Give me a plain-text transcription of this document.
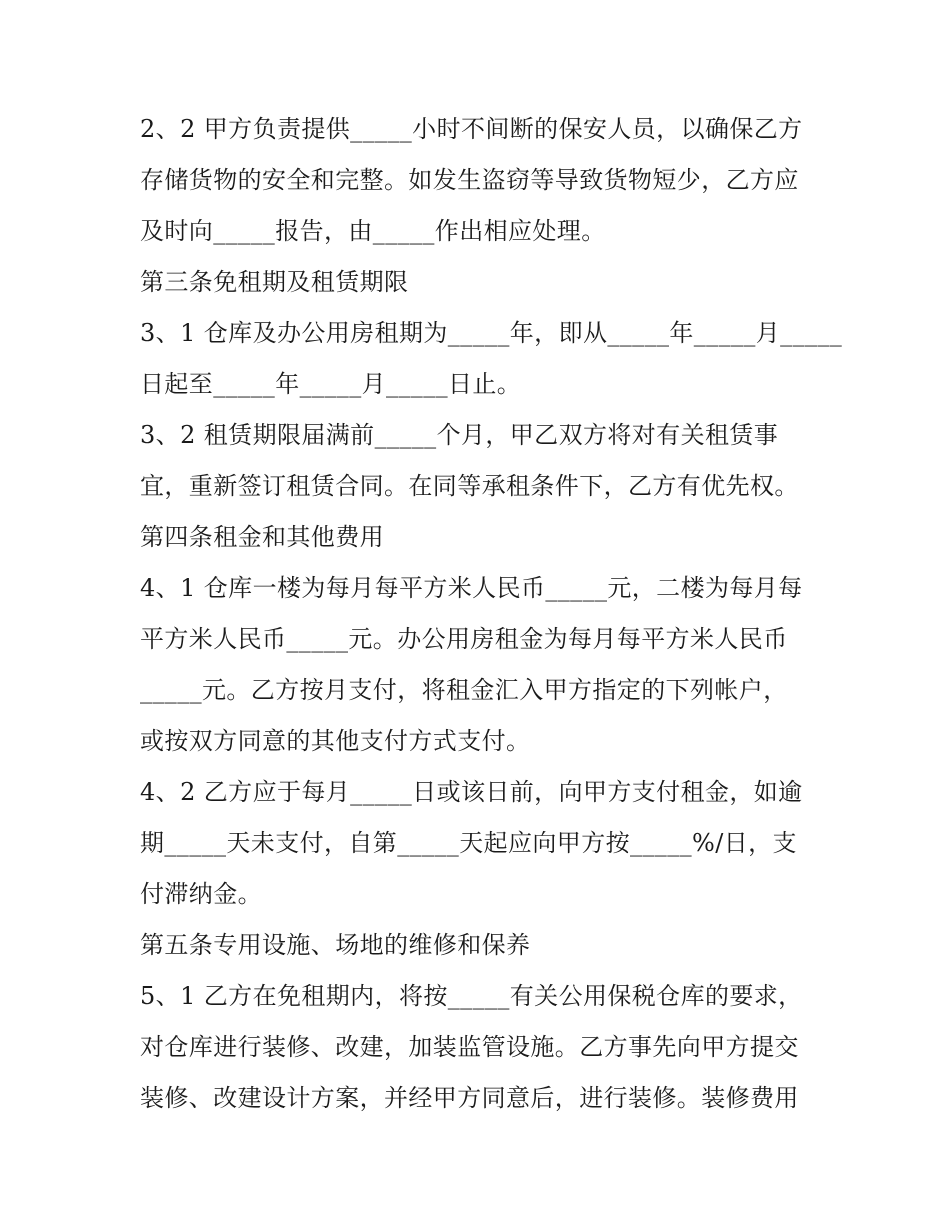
2、2 甲方负责提供_____小时不间断的保安人员，以确保乙方
存储货物的安全和完整。如发生盗窃等导致货物短少，乙方应
及时向_____报告，由_____作出相应处理。
第三条免租期及租赁期限
3、1 仓库及办公用房租期为_____年，即从_____年_____月_____
日起至_____年_____月_____日止。
3、2 租赁期限届满前_____个月，甲乙双方将对有关租赁事
宜，重新签订租赁合同。在同等承租条件下，乙方有优先权。
第四条租金和其他费用
4、1 仓库一楼为每月每平方米人民币_____元，二楼为每月每
平方米人民币_____元。办公用房租金为每月每平方米人民币
_____元。乙方按月支付，将租金汇入甲方指定的下列帐户，
或按双方同意的其他支付方式支付。
4、2 乙方应于每月_____日或该日前，向甲方支付租金，如逾
期_____天未支付，自第_____天起应向甲方按_____%/日，支
付滞纳金。
第五条专用设施、场地的维修和保养
5、1 乙方在免租期内，将按_____有关公用保税仓库的要求，
对仓库进行装修、改建，加装监管设施。乙方事先向甲方提交
装修、改建设计方案，并经甲方同意后，进行装修。装修费用
